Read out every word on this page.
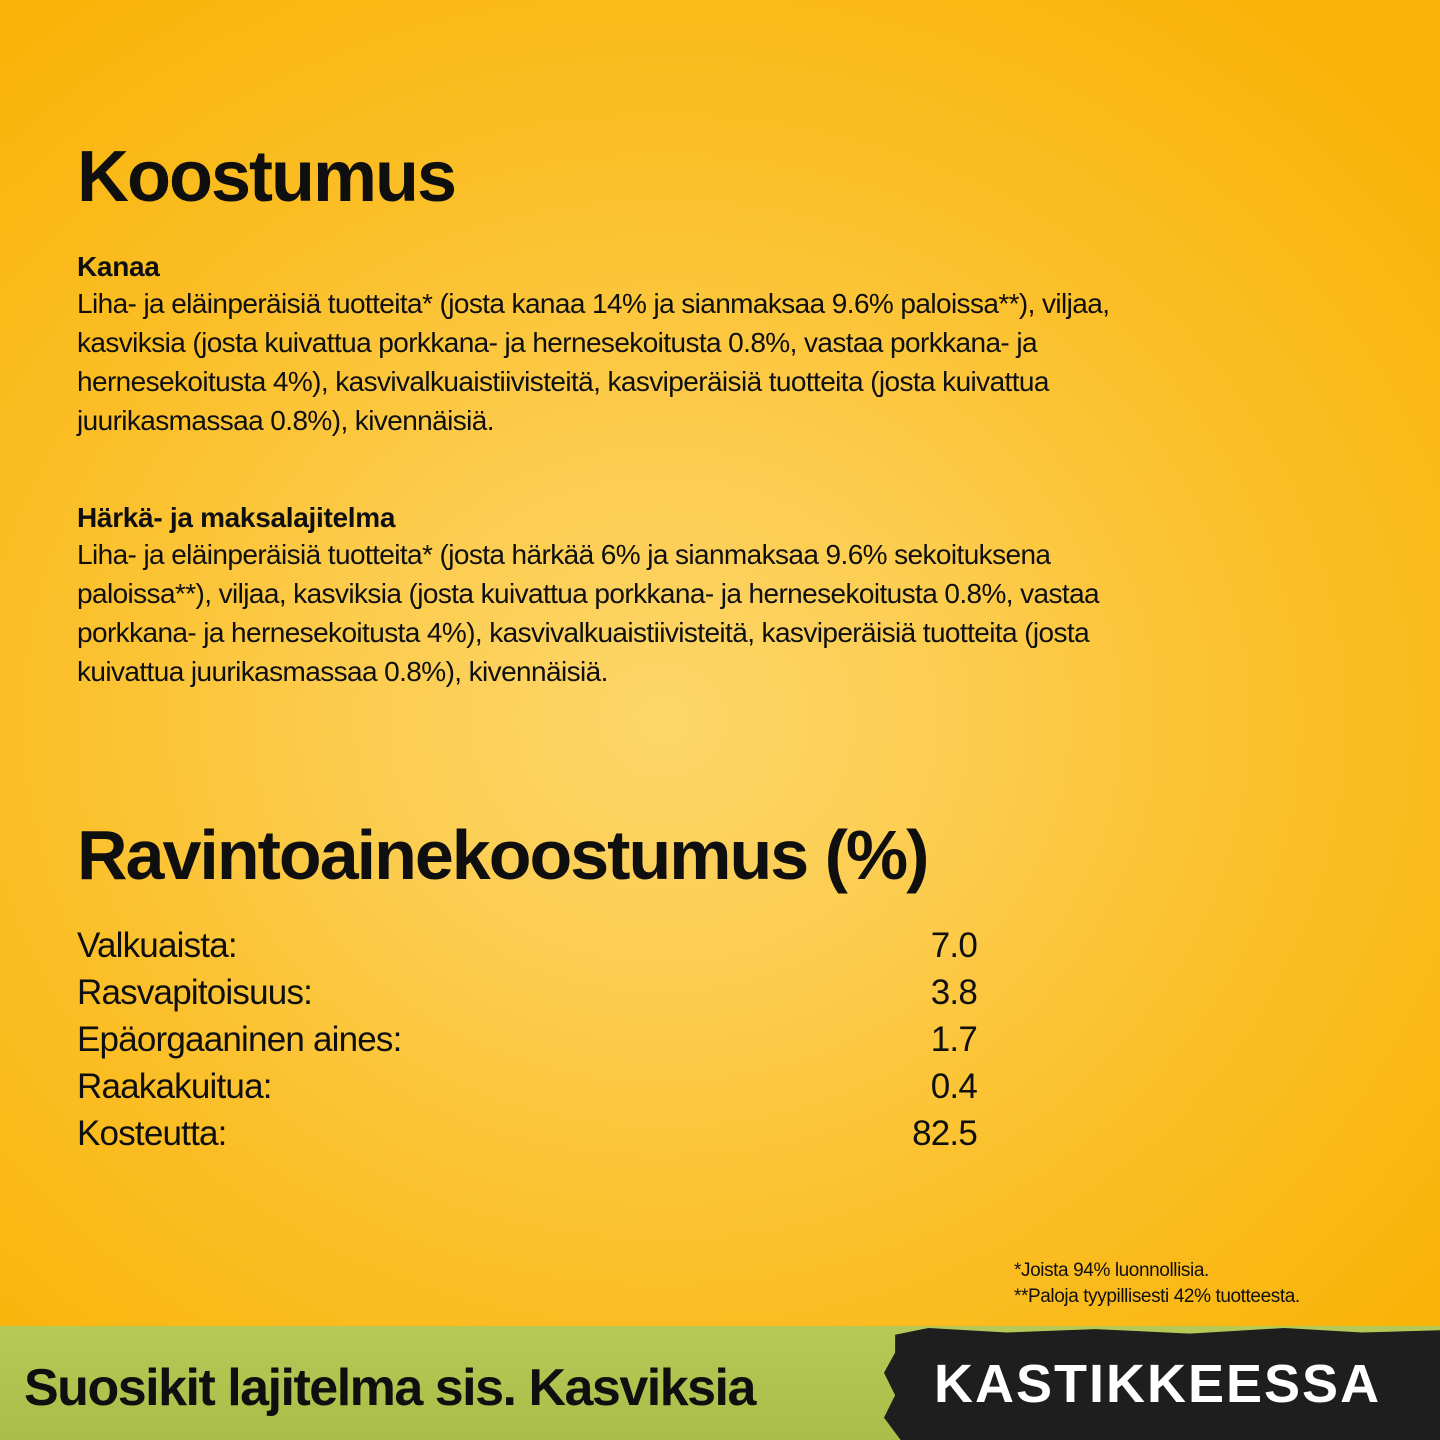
Koostumus

Kanaa

Liha- ja eläinperäisiä tuotteita* (josta kanaa 14% ja sianmaksaa 9.6% paloissa**), viljaa,

kasviksia (josta kuivattua porkkana- ja hernesekoitusta 0.8%, vastaa porkkana- ja

hernesekoitusta 4%), kasvivalkuaistiivisteitä, kasviperäisiä tuotteita (josta kuivattua

juurikasmassaa 0.8%), kivennäisiä.

Härkä- ja maksalajitelma

Liha- ja eläinperäisiä tuotteita* (josta härkää 6% ja sianmaksaa 9.6% sekoituksena

paloissa**), viljaa, kasviksia (josta kuivattua porkkana- ja hernesekoitusta 0.8%, vastaa

porkkana- ja hernesekoitusta 4%), kasvivalkuaistiivisteitä, kasviperäisiä tuotteita (josta

kuivattua juurikasmassaa 0.8%), kivennäisiä.

Ravintoainekoostumus (%)
Valkuaista:	7.0
Rasvapitoisuus:	3.8
Epäorgaaninen aines:	1.7
Raakakuitua:	0.4
Kosteutta:	82.5
*Joista 94% luonnollisia.
**Paloja tyypillisesti 42% tuotteesta.

Suosikit lajitelma sis. Kasviksia	KASTIKKEESSA
